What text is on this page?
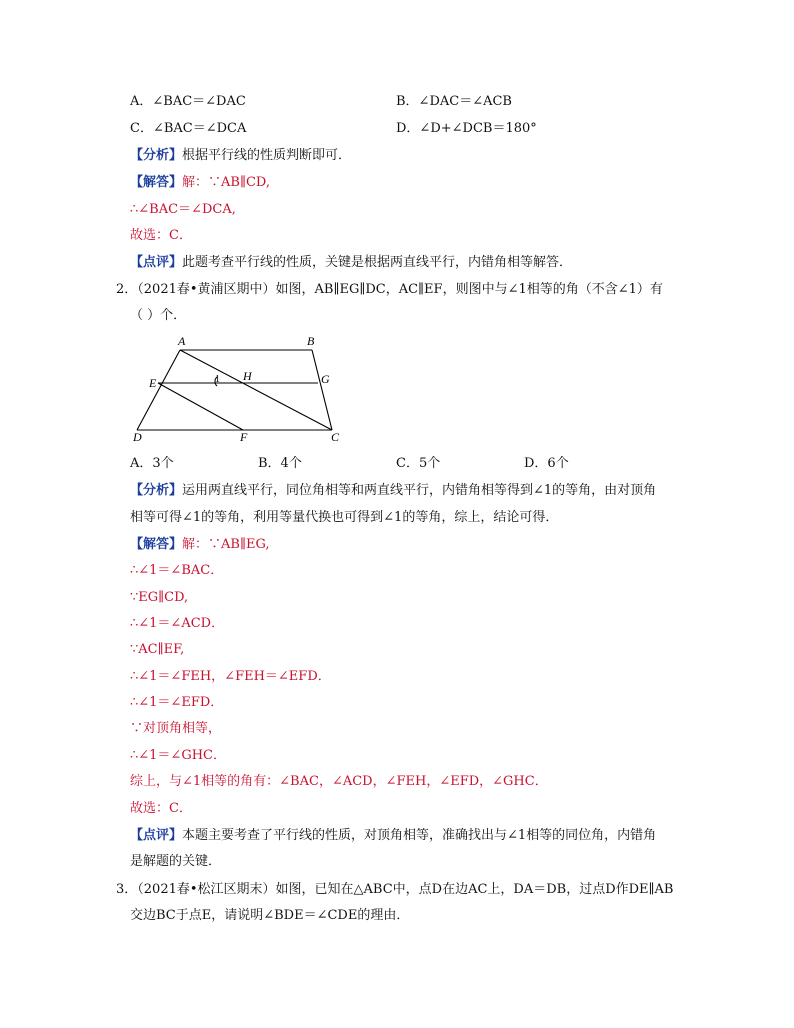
A．∠BAC＝∠DAC	B．∠DAC＝∠ACB
C．∠BAC＝∠DCA	D．∠D+∠DCB＝180°
【分析】根据平行线的性质判断即可．
【解答】解：∵AB∥CD,
∴∠BAC＝∠DCA,
故选：C．
【点评】此题考查平行线的性质，关键是根据两直线平行，内错角相等解答．
2．（2021春•黄浦区期中）如图，AB∥EG∥DC，AC∥EF，则图中与∠1相等的角（不含∠1）有
（ ）个．
A	B
E	H	G
D	F	C
1
A．3个	B．4个	C．5个	D．6个
【分析】运用两直线平行，同位角相等和两直线平行，内错角相等得到∠1的等角，由对顶角
相等可得∠1的等角，利用等量代换也可得到∠1的等角，综上，结论可得．
【解答】解：∵AB∥EG,
∴∠1＝∠BAC．
∵EG∥CD,
∴∠1＝∠ACD．
∵AC∥EF,
∴∠1＝∠FEH，∠FEH＝∠EFD．
∴∠1＝∠EFD．
∵对顶角相等，
∴∠1＝∠GHC．
综上，与∠1相等的角有：∠BAC，∠ACD，∠FEH，∠EFD，∠GHC．
故选：C．
【点评】本题主要考查了平行线的性质，对顶角相等，准确找出与∠1相等的同位角，内错角
是解题的关键．
3．（2021春•松江区期末）如图，已知在△ABC中，点D在边AC上，DA＝DB，过点D作DE∥AB
交边BC于点E，请说明∠BDE＝∠CDE的理由．
